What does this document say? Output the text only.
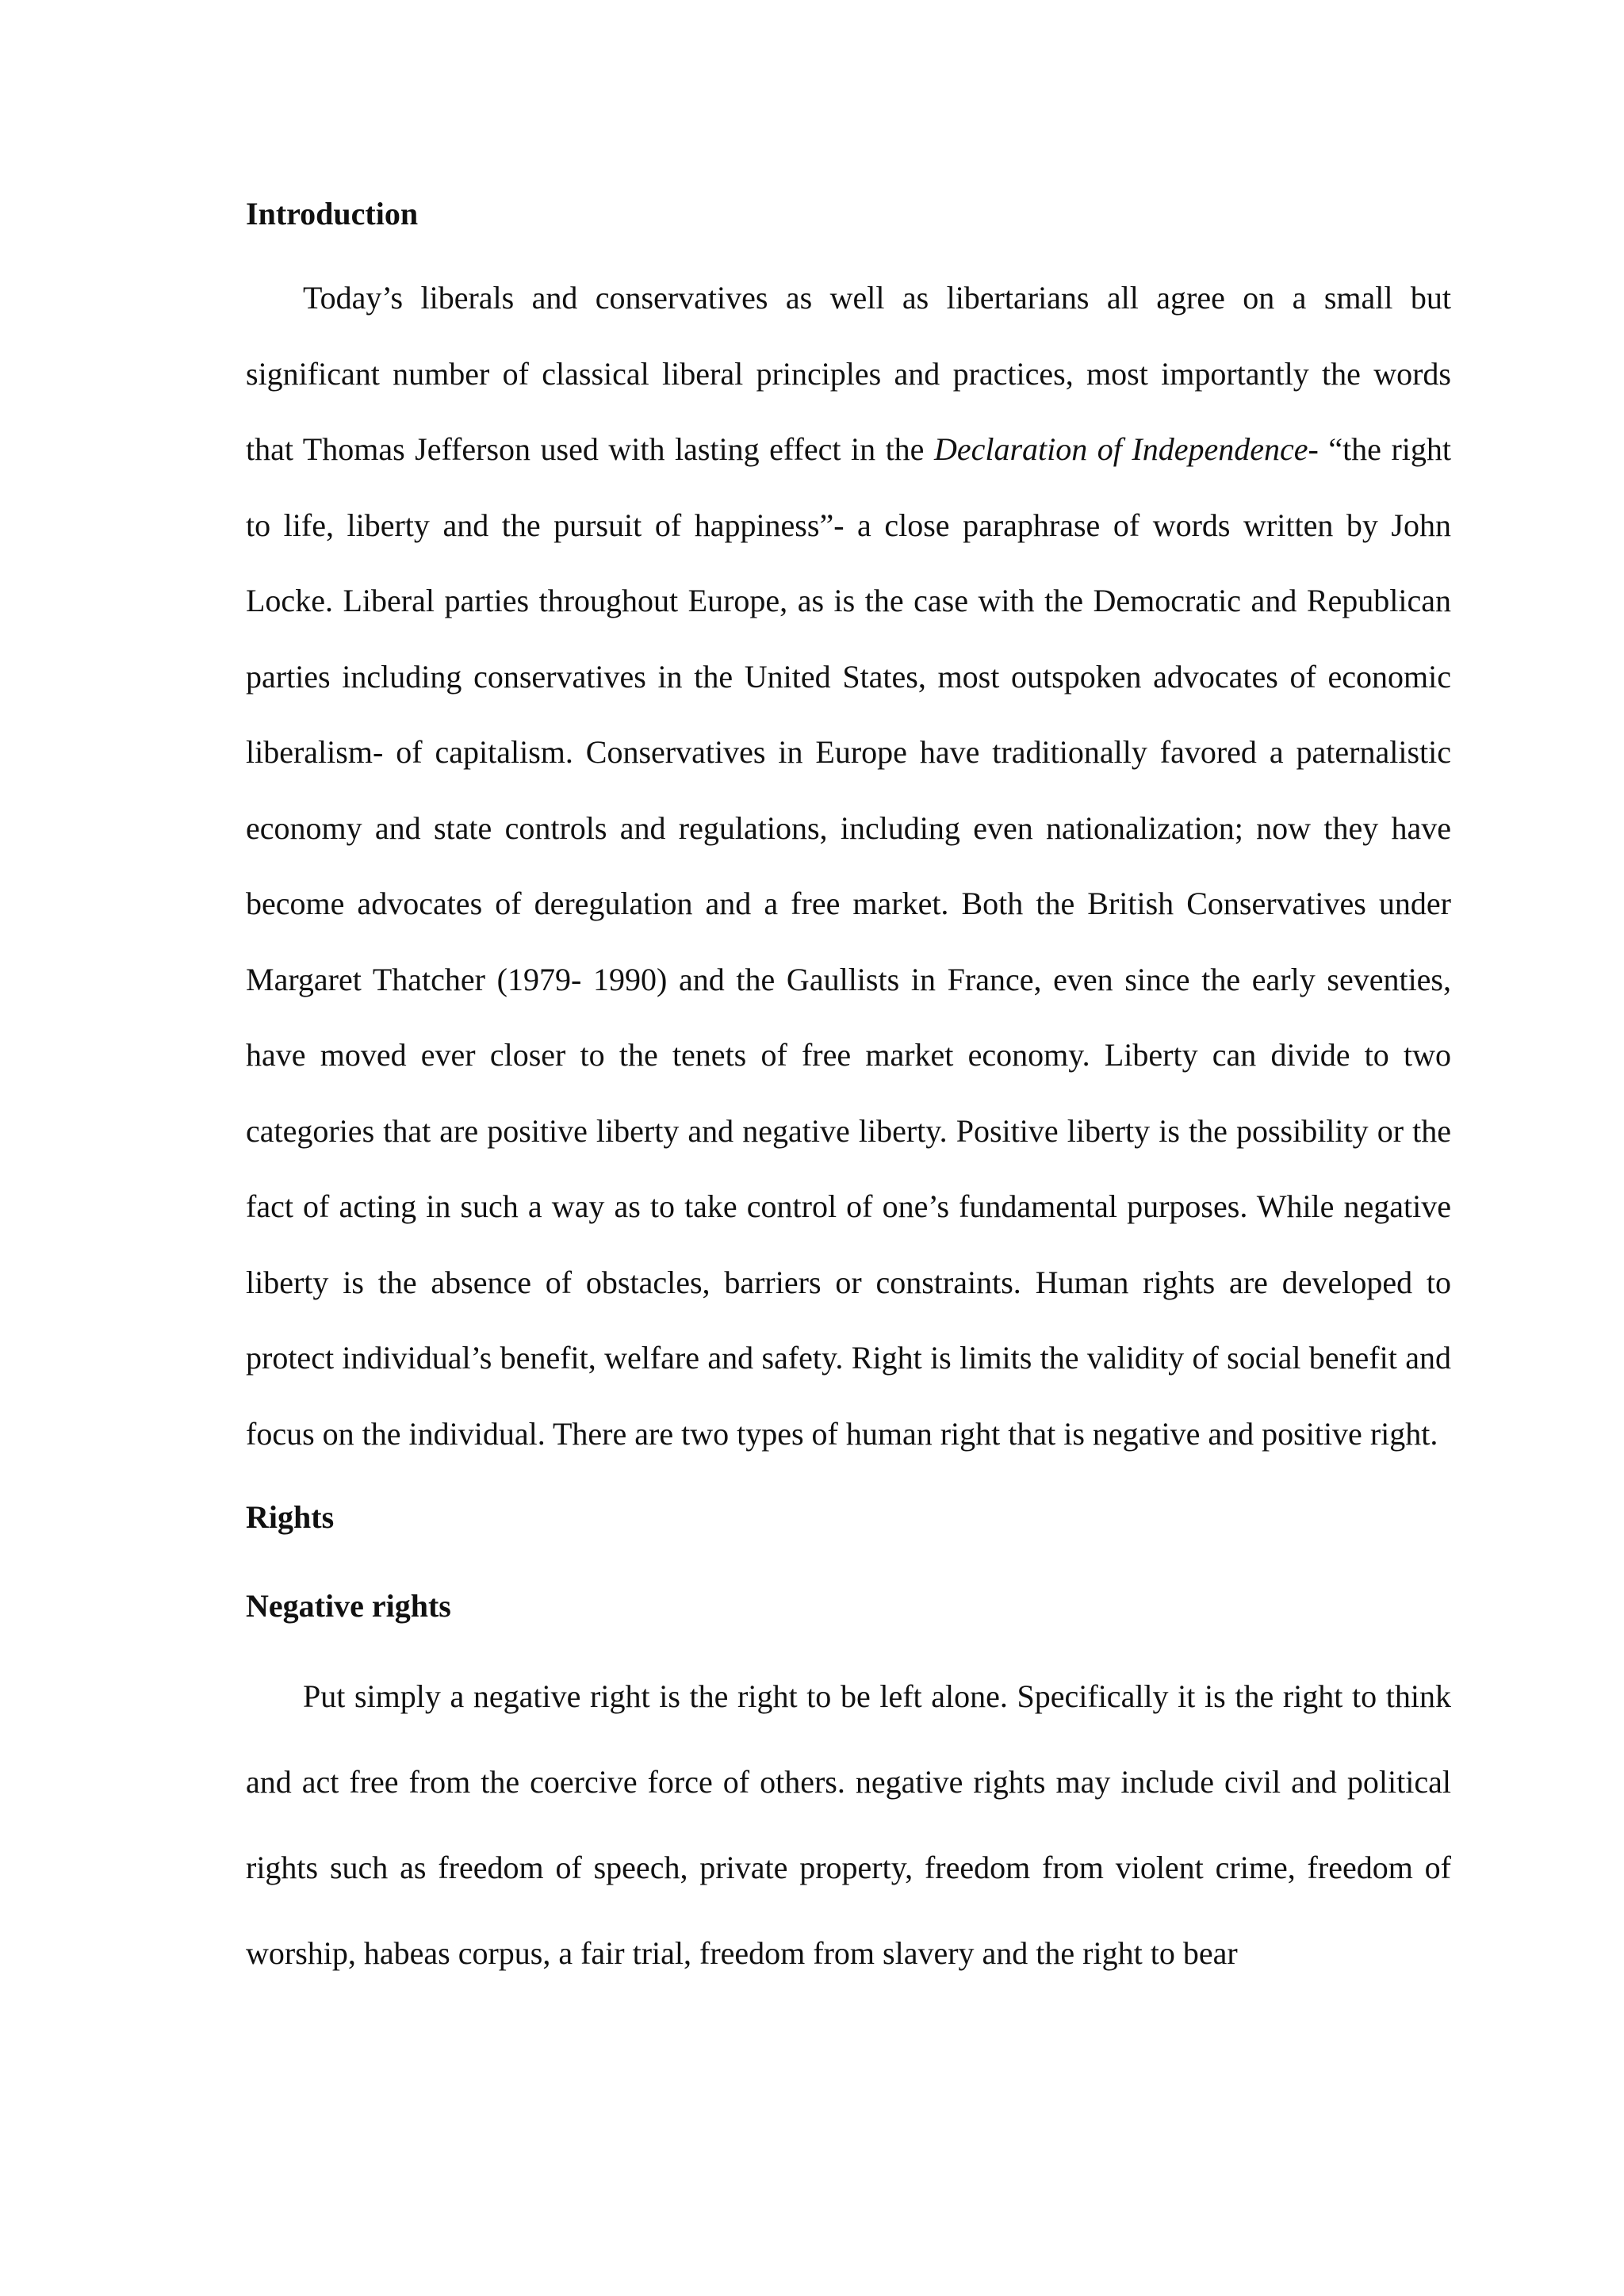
Introduction

Today’s liberals and conservatives as well as libertarians all agree on a small but significant number of classical liberal principles and practices, most importantly the words that Thomas Jefferson used with lasting effect in the Declaration of Independence- “the right to life, liberty and the pursuit of happiness”- a close paraphrase of words written by John Locke. Liberal parties throughout Europe, as is the case with the Democratic and Republican parties including conservatives in the United States, most outspoken advocates of economic liberalism- of capitalism. Conservatives in Europe have traditionally favored a paternalistic economy and state controls and regulations, including even nationalization; now they have become advocates of deregulation and a free market. Both the British Conservatives under Margaret Thatcher (1979- 1990) and the Gaullists in France, even since the early seventies, have moved ever closer to the tenets of free market economy. Liberty can divide to two categories that are positive liberty and negative liberty. Positive liberty is the possibility or the fact of acting in such a way as to take control of one’s fundamental purposes. While negative liberty is the absence of obstacles, barriers or constraints. Human rights are developed to protect individual’s benefit, welfare and safety. Right is limits the validity of social benefit and focus on the individual. There are two types of human right that is negative and positive right.

Rights
Negative rights

Put simply a negative right is the right to be left alone. Specifically it is the right to think and act free from the coercive force of others. negative rights may include civil and political rights such as freedom of speech, private property, freedom from violent crime, freedom of worship, habeas corpus, a fair trial, freedom from slavery and the right to bear
